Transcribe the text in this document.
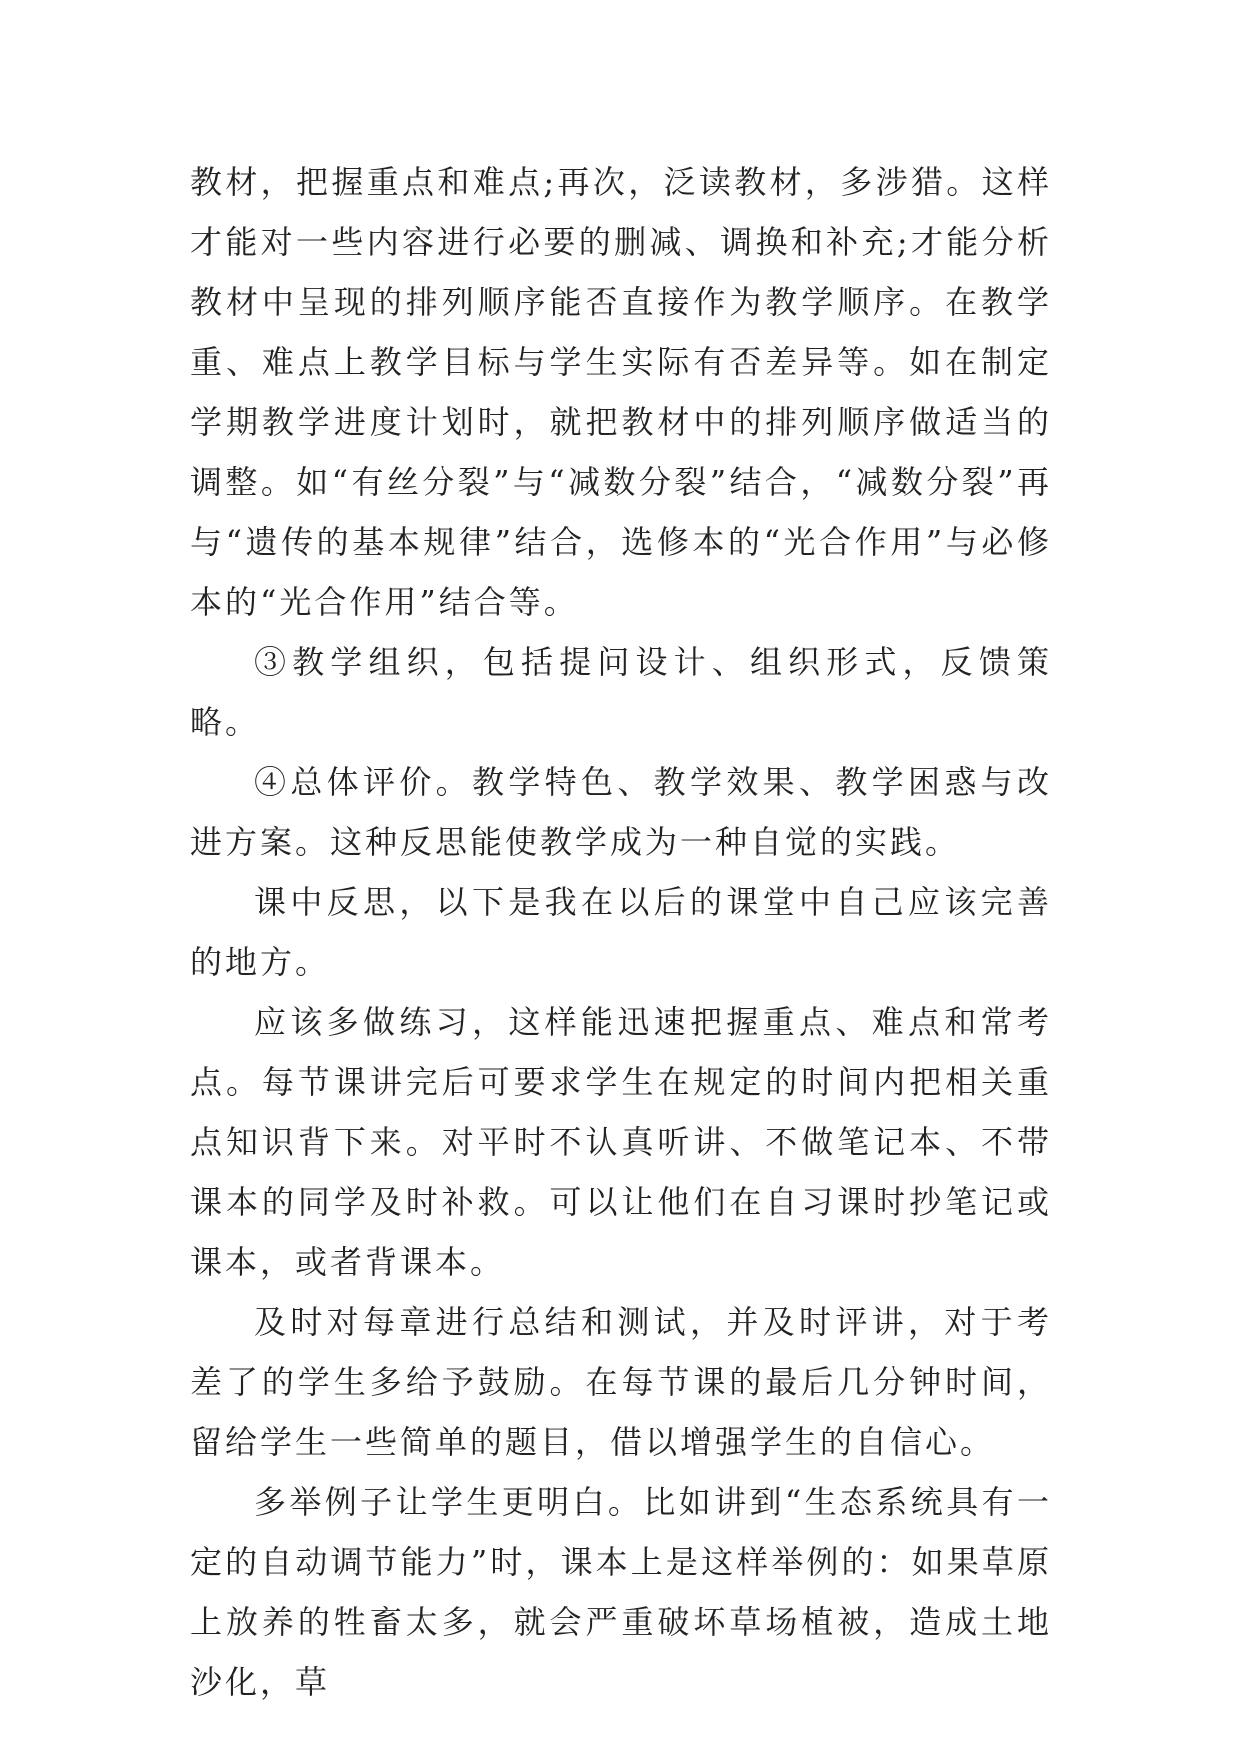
教材，把握重点和难点;再次，泛读教材，多涉猎。这样才能对一些内容进行必要的删减、调换和补充;才能分析教材中呈现的排列顺序能否直接作为教学顺序。在教学重、难点上教学目标与学生实际有否差异等。如在制定学期教学进度计划时，就把教材中的排列顺序做适当的调整。如“有丝分裂”与“减数分裂”结合，“减数分裂”再与“遗传的基本规律”结合，选修本的“光合作用”与必修本的“光合作用”结合等。

③教学组织，包括提问设计、组织形式，反馈策略。

④总体评价。教学特色、教学效果、教学困惑与改进方案。这种反思能使教学成为一种自觉的实践。

课中反思，以下是我在以后的课堂中自己应该完善的地方。

应该多做练习，这样能迅速把握重点、难点和常考点。每节课讲完后可要求学生在规定的时间内把相关重点知识背下来。对平时不认真听讲、不做笔记本、不带课本的同学及时补救。可以让他们在自习课时抄笔记或课本，或者背课本。

及时对每章进行总结和测试，并及时评讲，对于考差了的学生多给予鼓励。在每节课的最后几分钟时间，留给学生一些简单的题目，借以增强学生的自信心。

多举例子让学生更明白。比如讲到“生态系统具有一定的自动调节能力”时，课本上是这样举例的：如果草原上放养的牲畜太多，就会严重破坏草场植被，造成土地沙化，草
